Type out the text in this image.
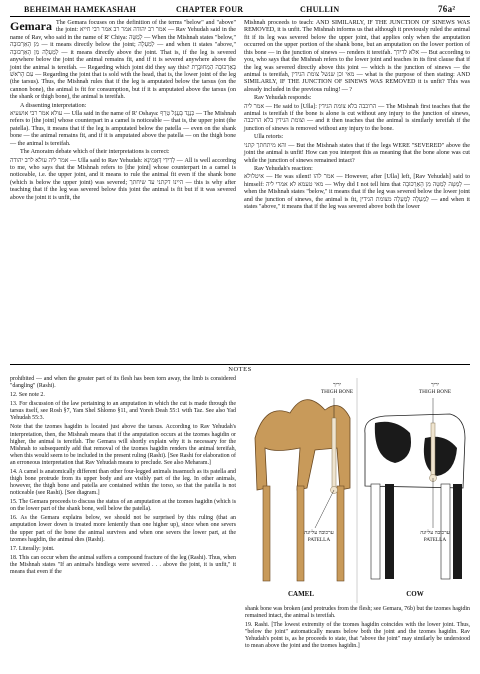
BEHEIMAH HAMEKASHAH	CHAPTER FOUR	CHULLIN	76a²
Gemara The Gemara focuses on the definition of the terms "below" and "above" the joint: אמר רב יהודה אמר רב אמר רבי חייא — Rav Yehudah said in the name of Rav, who said in the name of R' Chiya: לְמַטָּה — When the Mishnah states "below," מִן הָאַרְכּוּבָה — it means directly below the joint; לְמַעְלָה — and when it states "above," לְמַעְלָה מִן הָאַרְכּוּבָה — it means directly above the joint. That is, if the leg is severed anywhere below the joint the animal remains fit, and if it is severed anywhere above the joint the animal is tereifah. — Regarding which joint did they say this? בְּאַרְכּוּבָה הַמְחוּבֶּרֶת עִם הָרֹאשׁ — Regarding the joint that is sold with the head, that is, the lower joint of the leg (the tarsus). Thus, the Mishnah rules that if the leg is amputated below the tarsus (on the cannon bone), the animal is fit for consumption, but if it is amputated above the tarsus (on the shank or thigh bone), the animal is tereifah.

A dissenting interpretation:

עולא אמר רבי אושעיא — Ulla said in the name of R' Oshaya: כְּנֶגֶד בָּעֶגֶל טְרֵף — The Mishnah refers to [the joint] whose counterpart in a camel is noticeable — that is, the upper joint (the patella). Thus, it means that if the leg is amputated below the patella — even on the shank bone — the animal remains fit, and if it is amputated above the patella — on the thigh bone — the animal is tereifah.

The Amoraim debate which of their interpretations is correct:

אמר ליה עולא לרב יהודה — Ulla said to Rav Yehudah: לְדִידִי דְּאָמִינָא — All is well according to me, who says that the Mishnah refers to [the joint] whose counterpart in a camel is noticeable, i.e. the upper joint, and it means to rule the animal fit even if the shank bone (which is below the upper joint) was severed; היינו דקתני עד שיחתך — this is why after teaching that if the leg was severed below this joint the animal is fit but if it was severed above the joint it is unfit, the

Mishnah proceeds to teach: AND SIMILARLY, IF THE JUNCTION OF SINEWS WAS REMOVED, it is unfit. The Mishnah informs us that although it previously ruled the animal fit if its leg was severed below the upper joint, that applies only when the amputation occurred on the upper portion of the shank bone, but an amputation on the lower portion of this bone — in the junction of sinews — renders it tereifah. אלא לדידך — But according to you, who says that the Mishnah refers to the lower joint and teaches in its first clause that if the leg was severed directly above this joint — which is the junction of sinews — the animal is tereifah, מאי וכן שנשל צומת הגידין — what is the purpose of then stating: AND SIMILARLY, IF THE JUNCTION OF SINEWS WAS REMOVED it is unfit? This was already included in the previous ruling! — ?

Rav Yehudah responds:

אמר ליה — He said to [Ulla]: הרוכבה בלא צומת הגידין — The Mishnah first teaches that the animal is tereifah if the bone is alone is cut without any injury to the junction of sinews, וצומת הגידין בלא הרוכבה — and it then teaches that the animal is similarly tereifah if the junction of sinews is removed without any injury to the bone.

Ulla retorts:

והא מיתחתך קתני — But the Mishnah states that if the legs WERE "SEVERED" above the joint the animal is unfit! How can you interpret this as meaning that the bone alone was cut while the junction of sinews remained intact?

Rav Yehudah's reaction:

איטלולא — He was silent! אמר להו — However, after [Ulla] left, [Rav Yehudah] said to himself: מאי טעמא לא אמרי ליה — Why did I not tell him that לְמַטָּה לְמַטָּה מִן הָאַרְכּוּבָה — when the Mishnah states "below," it means that if the leg was severed below the lower joint and the junction of sinews, the animal is fit, לְמַעְלָה לְמַעְלָה מצומת הגידין — and when it states "above," it means that if the leg was severed above both the lower

NOTES

prohibited — and when the greater part of its flesh has been torn away, the limb is considered "dangling" (Rashi).

12. See note 2.

13. For discussion of the law pertaining to an amputation in which the cut is made through the tarsus itself, see Rosh §7, Yam Shel Shlomo §11, and Yoreh Deah 55:1 with Taz. See also Yad Yehudah 55:3.

Note that the tzomes hagidin is located just above the tarsus. According to Rav Yehudah's interpretation, then, the Mishnah means that if the amputation occurs at the tzomes hagidin or higher, the animal is tereifah. The Gemara will shortly explain why it is necessary for the Mishnah to subsequently add that removal of the tzomes hagidin renders the animal tereifah, when this would seem to be included in the present ruling (Rashi). [See Rashi for elaboration of an erroneous interpretation that Rav Yehudah means to preclude. See also Meharam.]

14. A camel is anatomically different than other four-legged animals inasmuch as its patella and thigh bone protrude from its upper body and are visibly part of the leg. In other animals, however, the thigh bone and patella are contained within the torso, so that the patella is not noticeable (see Rashi). [See diagram.]

15. The Gemara proceeds to discuss the status of an amputation at the tzomes hagidin (which is on the lower part of the shank bone, well below the patella).

16. As the Gemara explains below, we should not be surprised by this ruling (that an amputation lower down is treated more leniently than one higher up), since when one severs the upper part of the bone the animal survives and when one severs the lower part, at the tzomes hagidin, the animal dies (Rashi).

17. Literally: joint.

18. This can occur when the animal suffers a compound fracture of the leg (Rashi). Thus, when the Mishnah states "If an animal's hindlegs were severed . . . above the joint, it is unfit," it means that even if the

יריך
THIGH BONE
יריך
THIGH BONE
ערכובה עליונה
PATELLA
ערכובה עליונה
PATELLA
CAMEL	COW

shank bone was broken (and protrudes from the flesh; see Gemara, 76b) but the tzomes hagidin remained intact, the animal is tereifah.

19. Rashi. [The lowest extremity of the tzomes hagidin coincides with the lower joint. Thus, "below the joint" automatically means below both the joint and the tzomes hagidin. Rav Yehudah's point is, as he proceeds to state, that "above the joint" may similarly be understood to mean above the joint and the tzomes hagidin.]
